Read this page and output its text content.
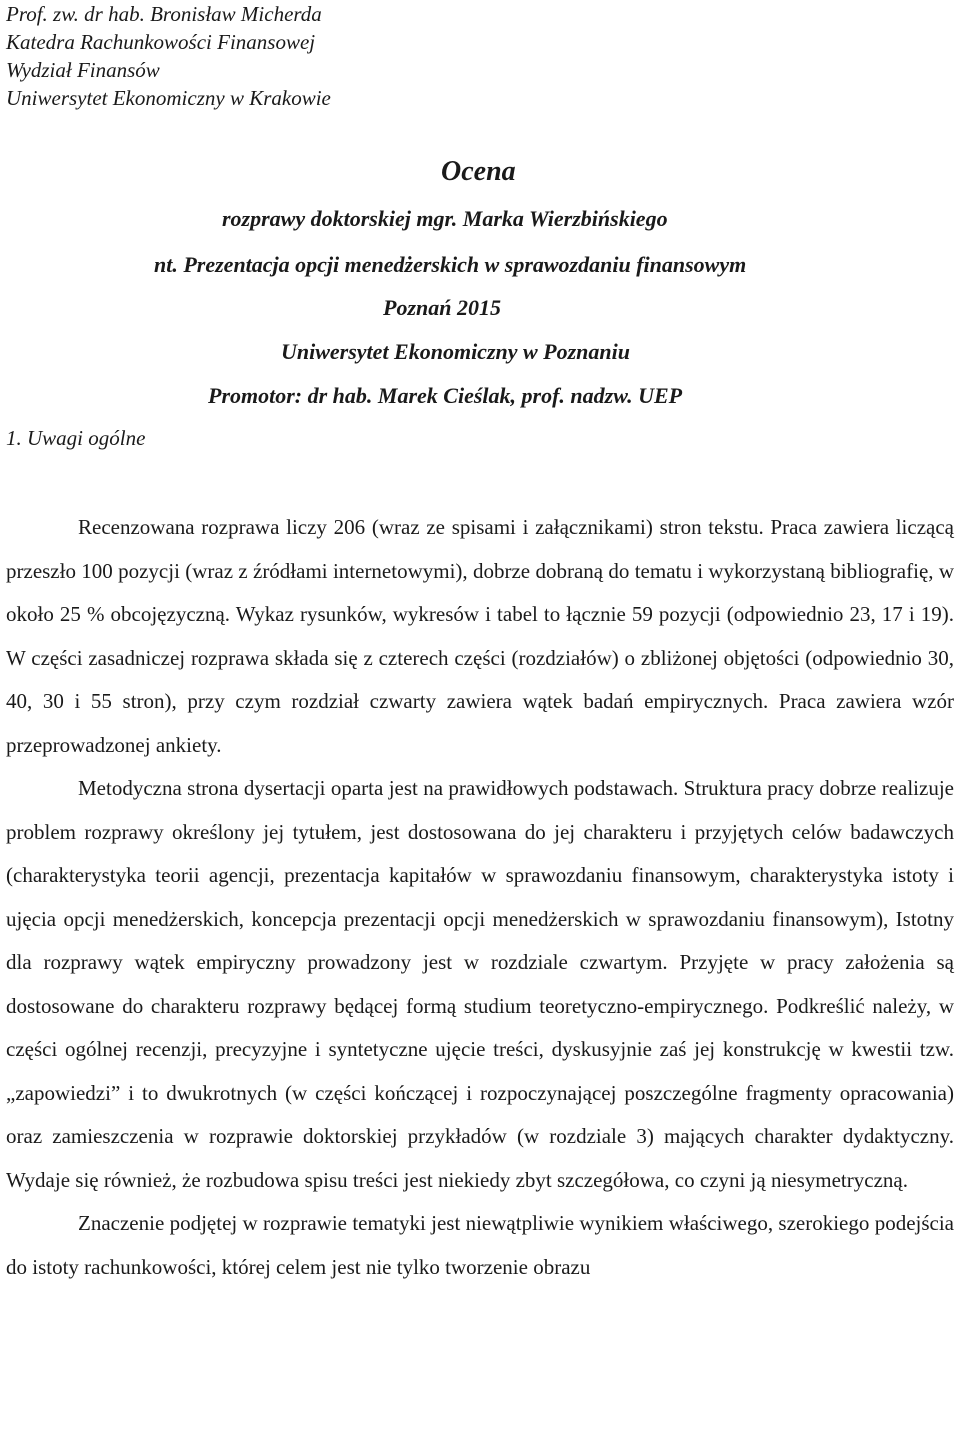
Prof. zw. dr hab. Bronisław Micherda
Katedra Rachunkowości Finansowej
Wydział Finansów
Uniwersytet Ekonomiczny w Krakowie
Ocena
rozprawy doktorskiej mgr. Marka Wierzbińskiego
nt. Prezentacja opcji menedżerskich w sprawozdaniu finansowym
Poznań 2015
Uniwersytet Ekonomiczny w Poznaniu
Promotor: dr hab. Marek Cieślak, prof. nadzw. UEP
1. Uwagi ogólne

Recenzowana rozprawa liczy 206 (wraz ze spisami i załącznikami) stron tekstu. Praca zawiera liczącą przeszło 100 pozycji (wraz z źródłami internetowymi), dobrze dobraną do tematu i wykorzystaną bibliografię, w około 25 % obcojęzyczną. Wykaz rysunków, wykresów i tabel to łącznie 59 pozycji (odpowiednio 23, 17 i 19). W części zasadniczej rozprawa składa się z czterech części (rozdziałów) o zbliżonej objętości (odpowiednio 30, 40, 30 i 55 stron), przy czym rozdział czwarty zawiera wątek badań empirycznych. Praca zawiera wzór przeprowadzonej ankiety.

Metodyczna strona dysertacji oparta jest na prawidłowych podstawach. Struktura pracy dobrze realizuje problem rozprawy określony jej tytułem, jest dostosowana do jej charakteru i przyjętych celów badawczych (charakterystyka teorii agencji, prezentacja kapitałów w sprawozdaniu finansowym, charakterystyka istoty i ujęcia opcji menedżerskich, koncepcja prezentacji opcji menedżerskich w sprawozdaniu finansowym), Istotny dla rozprawy wątek empiryczny prowadzony jest w rozdziale czwartym. Przyjęte w pracy założenia są dostosowane do charakteru rozprawy będącej formą studium teoretyczno-empirycznego. Podkreślić należy, w części ogólnej recenzji, precyzyjne i syntetyczne ujęcie treści, dyskusyjnie zaś jej konstrukcję w kwestii tzw. „zapowiedzi” i to dwukrotnych (w części kończącej i rozpoczynającej poszczególne fragmenty opracowania) oraz zamieszczenia w rozprawie doktorskiej przykładów (w rozdziale 3) mających charakter dydaktyczny. Wydaje się również, że rozbudowa spisu treści jest niekiedy zbyt szczegółowa, co czyni ją niesymetryczną.

Znaczenie podjętej w rozprawie tematyki jest niewątpliwie wynikiem właściwego, szerokiego podejścia do istoty rachunkowości, której celem jest nie tylko tworzenie obrazu
